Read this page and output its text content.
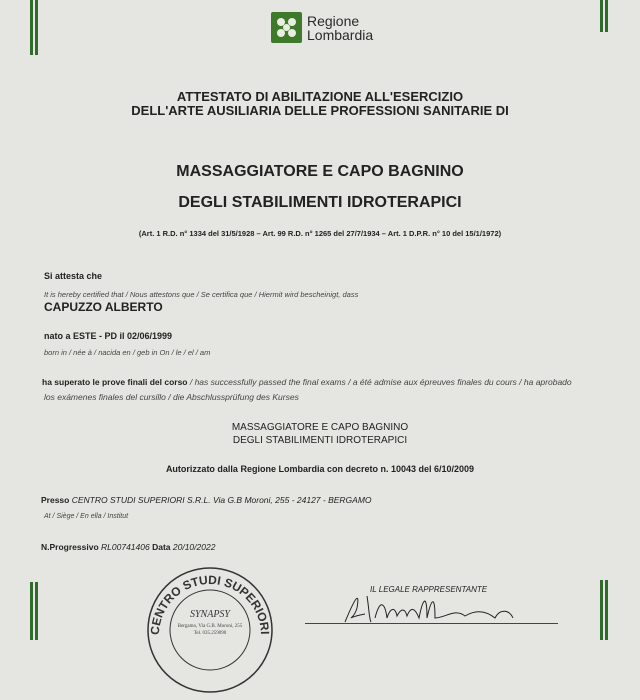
Regione
Lombardia
ATTESTATO DI ABILITAZIONE ALL'ESERCIZIO
DELL'ARTE AUSILIARIA DELLE PROFESSIONI SANITARIE DI
MASSAGGIATORE E CAPO BAGNINO
DEGLI STABILIMENTI IDROTERAPICI
(Art. 1 R.D. n° 1334 del 31/5/1928 – Art. 99 R.D. n° 1265 del 27/7/1934 – Art. 1 D.P.R. n° 10 del 15/1/1972)
Si attesta che
It is hereby certified that / Nous attestons que / Se certifica que / Hiermit wird bescheinigt, dass
CAPUZZO ALBERTO
nato a ESTE - PD il 02/06/1999
born in / née à / nacida en / geb in On / le / el / am
ha superato le prove finali del corso / has successfully passed the final exams / a été admise aux épreuves finales du cours / ha aprobado
los exámenes finales del cursillo / die Abschlussprüfung des Kurses
MASSAGGIATORE E CAPO BAGNINO
DEGLI STABILIMENTI IDROTERAPICI
Autorizzato dalla Regione Lombardia con decreto n. 10043 del 6/10/2009
Presso CENTRO STUDI SUPERIORI S.R.L. Via G.B Moroni, 255 - 24127 - BERGAMO
At / Siège / En ella / Institut
N.Progressivo RL00741406 Data 20/10/2022
CENTRO STUDI SUPERIORI
SYNAPSY
Bergamo, Via G.B. Moroni, 255
Tel. 035.259090
IL LEGALE RAPPRESENTANTE
